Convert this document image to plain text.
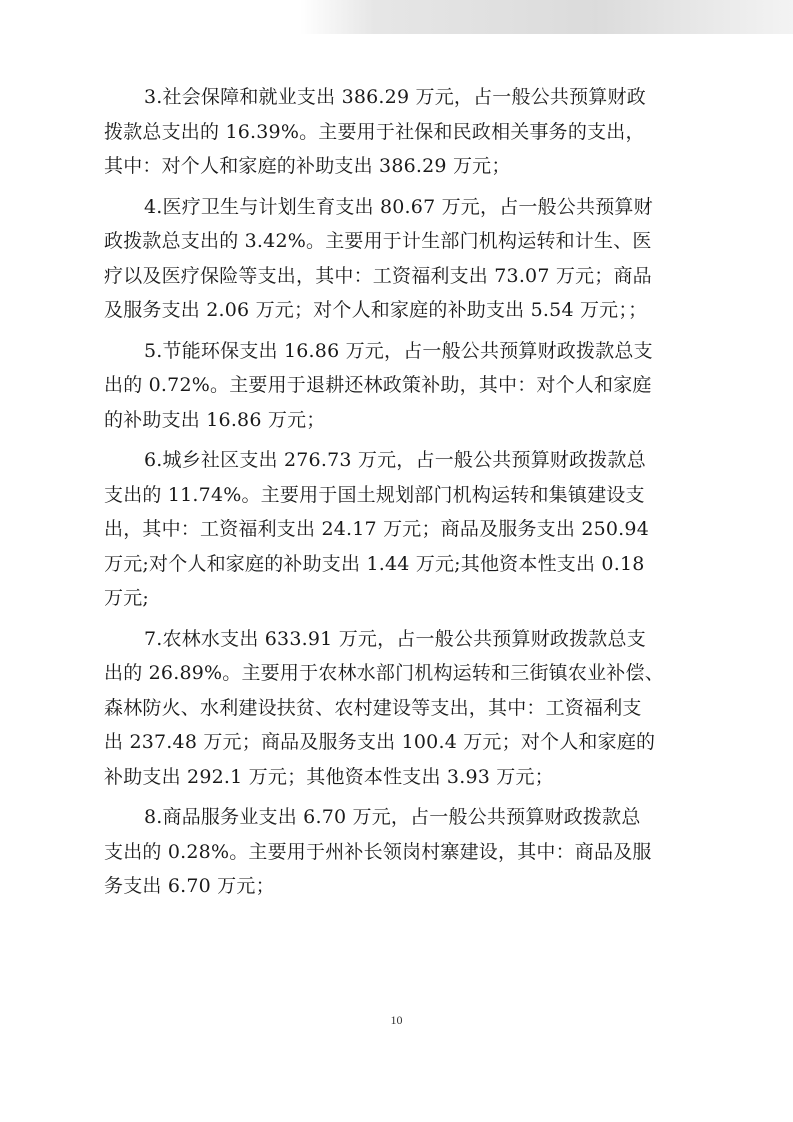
3.社会保障和就业支出 386.29 万元，占一般公共预算财政
拨款总支出的 16.39%。主要用于社保和民政相关事务的支出，
其中：对个人和家庭的补助支出 386.29 万元；
4.医疗卫生与计划生育支出 80.67 万元，占一般公共预算财
政拨款总支出的 3.42%。主要用于计生部门机构运转和计生、医
疗以及医疗保险等支出，其中：工资福利支出 73.07 万元；商品
及服务支出 2.06 万元；对个人和家庭的补助支出 5.54 万元；；
5.节能环保支出 16.86 万元，占一般公共预算财政拨款总支
出的 0.72%。主要用于退耕还林政策补助，其中：对个人和家庭
的补助支出 16.86 万元；
6.城乡社区支出 276.73 万元，占一般公共预算财政拨款总
支出的 11.74%。主要用于国土规划部门机构运转和集镇建设支
出，其中：工资福利支出 24.17 万元；商品及服务支出 250.94
万元;对个人和家庭的补助支出 1.44 万元;其他资本性支出 0.18
万元;
7.农林水支出 633.91 万元，占一般公共预算财政拨款总支
出的 26.89%。主要用于农林水部门机构运转和三街镇农业补偿、
森林防火、水利建设扶贫、农村建设等支出，其中：工资福利支
出 237.48 万元；商品及服务支出 100.4 万元；对个人和家庭的
补助支出 292.1 万元；其他资本性支出 3.93 万元；
8.商品服务业支出 6.70 万元，占一般公共预算财政拨款总
支出的 0.28%。主要用于州补长领岗村寨建设，其中：商品及服
务支出 6.70 万元；
10
